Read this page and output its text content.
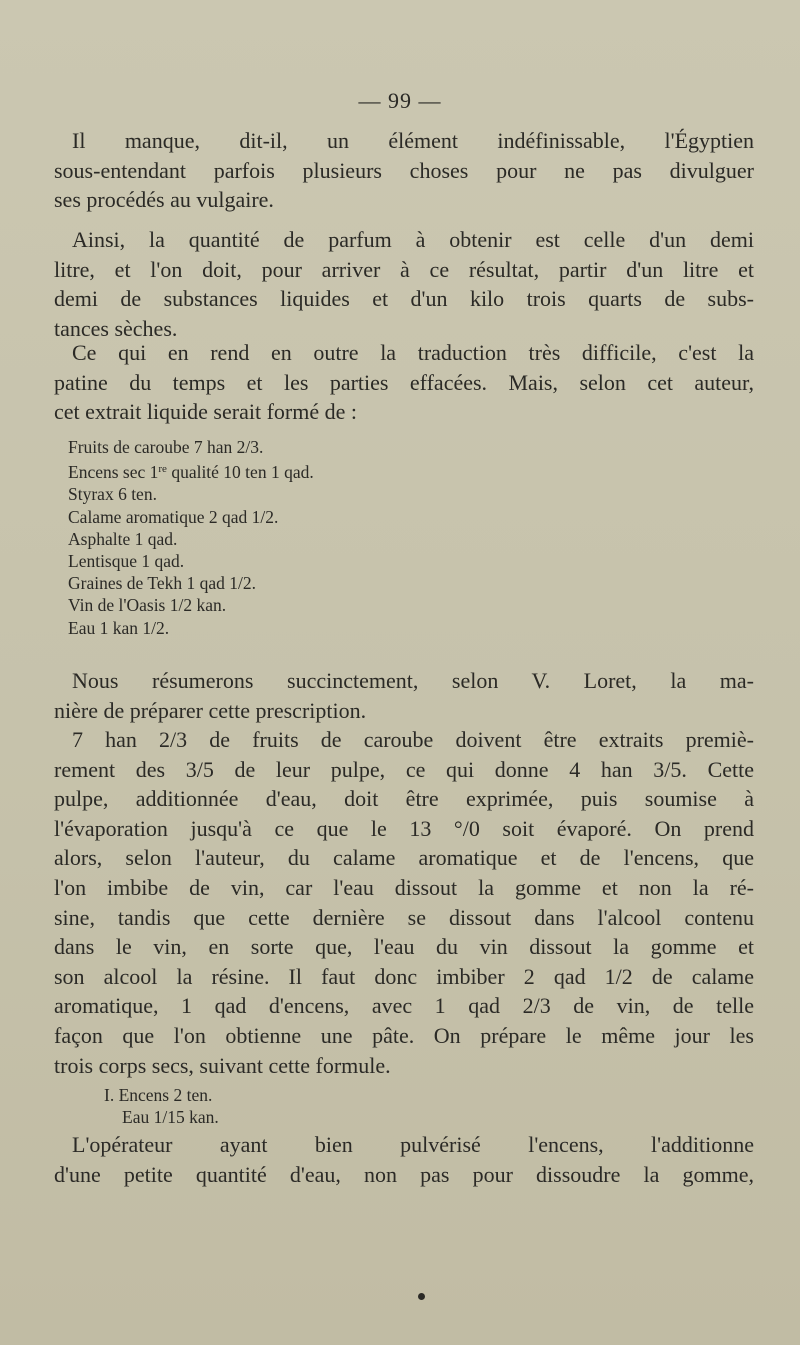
— 99 —

Il manque, dit-il, un élément indéfinissable, l'Égyptien
sous-entendant parfois plusieurs choses pour ne pas divulguer
ses procédés au vulgaire.

Ainsi, la quantité de parfum à obtenir est celle d'un demi
litre, et l'on doit, pour arriver à ce résultat, partir d'un litre et
demi de substances liquides et d'un kilo trois quarts de subs-
tances sèches.

Ce qui en rend en outre la traduction très difficile, c'est la
patine du temps et les parties effacées. Mais, selon cet auteur,
cet extrait liquide serait formé de :

Fruits de caroube 7 han 2/3.
Encens sec 1re qualité 10 ten 1 qad.
Styrax 6 ten.
Calame aromatique 2 qad 1/2.
Asphalte 1 qad.
Lentisque 1 qad.
Graines de Tekh 1 qad 1/2.
Vin de l'Oasis 1/2 kan.
Eau 1 kan 1/2.

Nous résumerons succinctement, selon V. Loret, la ma-
nière de préparer cette prescription.

7 han 2/3 de fruits de caroube doivent être extraits premiè-
rement des 3/5 de leur pulpe, ce qui donne 4 han 3/5. Cette
pulpe, additionnée d'eau, doit être exprimée, puis soumise à
l'évaporation jusqu'à ce que le 13 °/0 soit évaporé. On prend
alors, selon l'auteur, du calame aromatique et de l'encens, que
l'on imbibe de vin, car l'eau dissout la gomme et non la ré-
sine, tandis que cette dernière se dissout dans l'alcool contenu
dans le vin, en sorte que, l'eau du vin dissout la gomme et
son alcool la résine. Il faut donc imbiber 2 qad 1/2 de calame
aromatique, 1 qad d'encens, avec 1 qad 2/3 de vin, de telle
façon que l'on obtienne une pâte. On prépare le même jour les
trois corps secs, suivant cette formule.

I. Encens 2 ten.
Eau 1/15 kan.

L'opérateur ayant bien pulvérisé l'encens, l'additionne
d'une petite quantité d'eau, non pas pour dissoudre la gomme,
